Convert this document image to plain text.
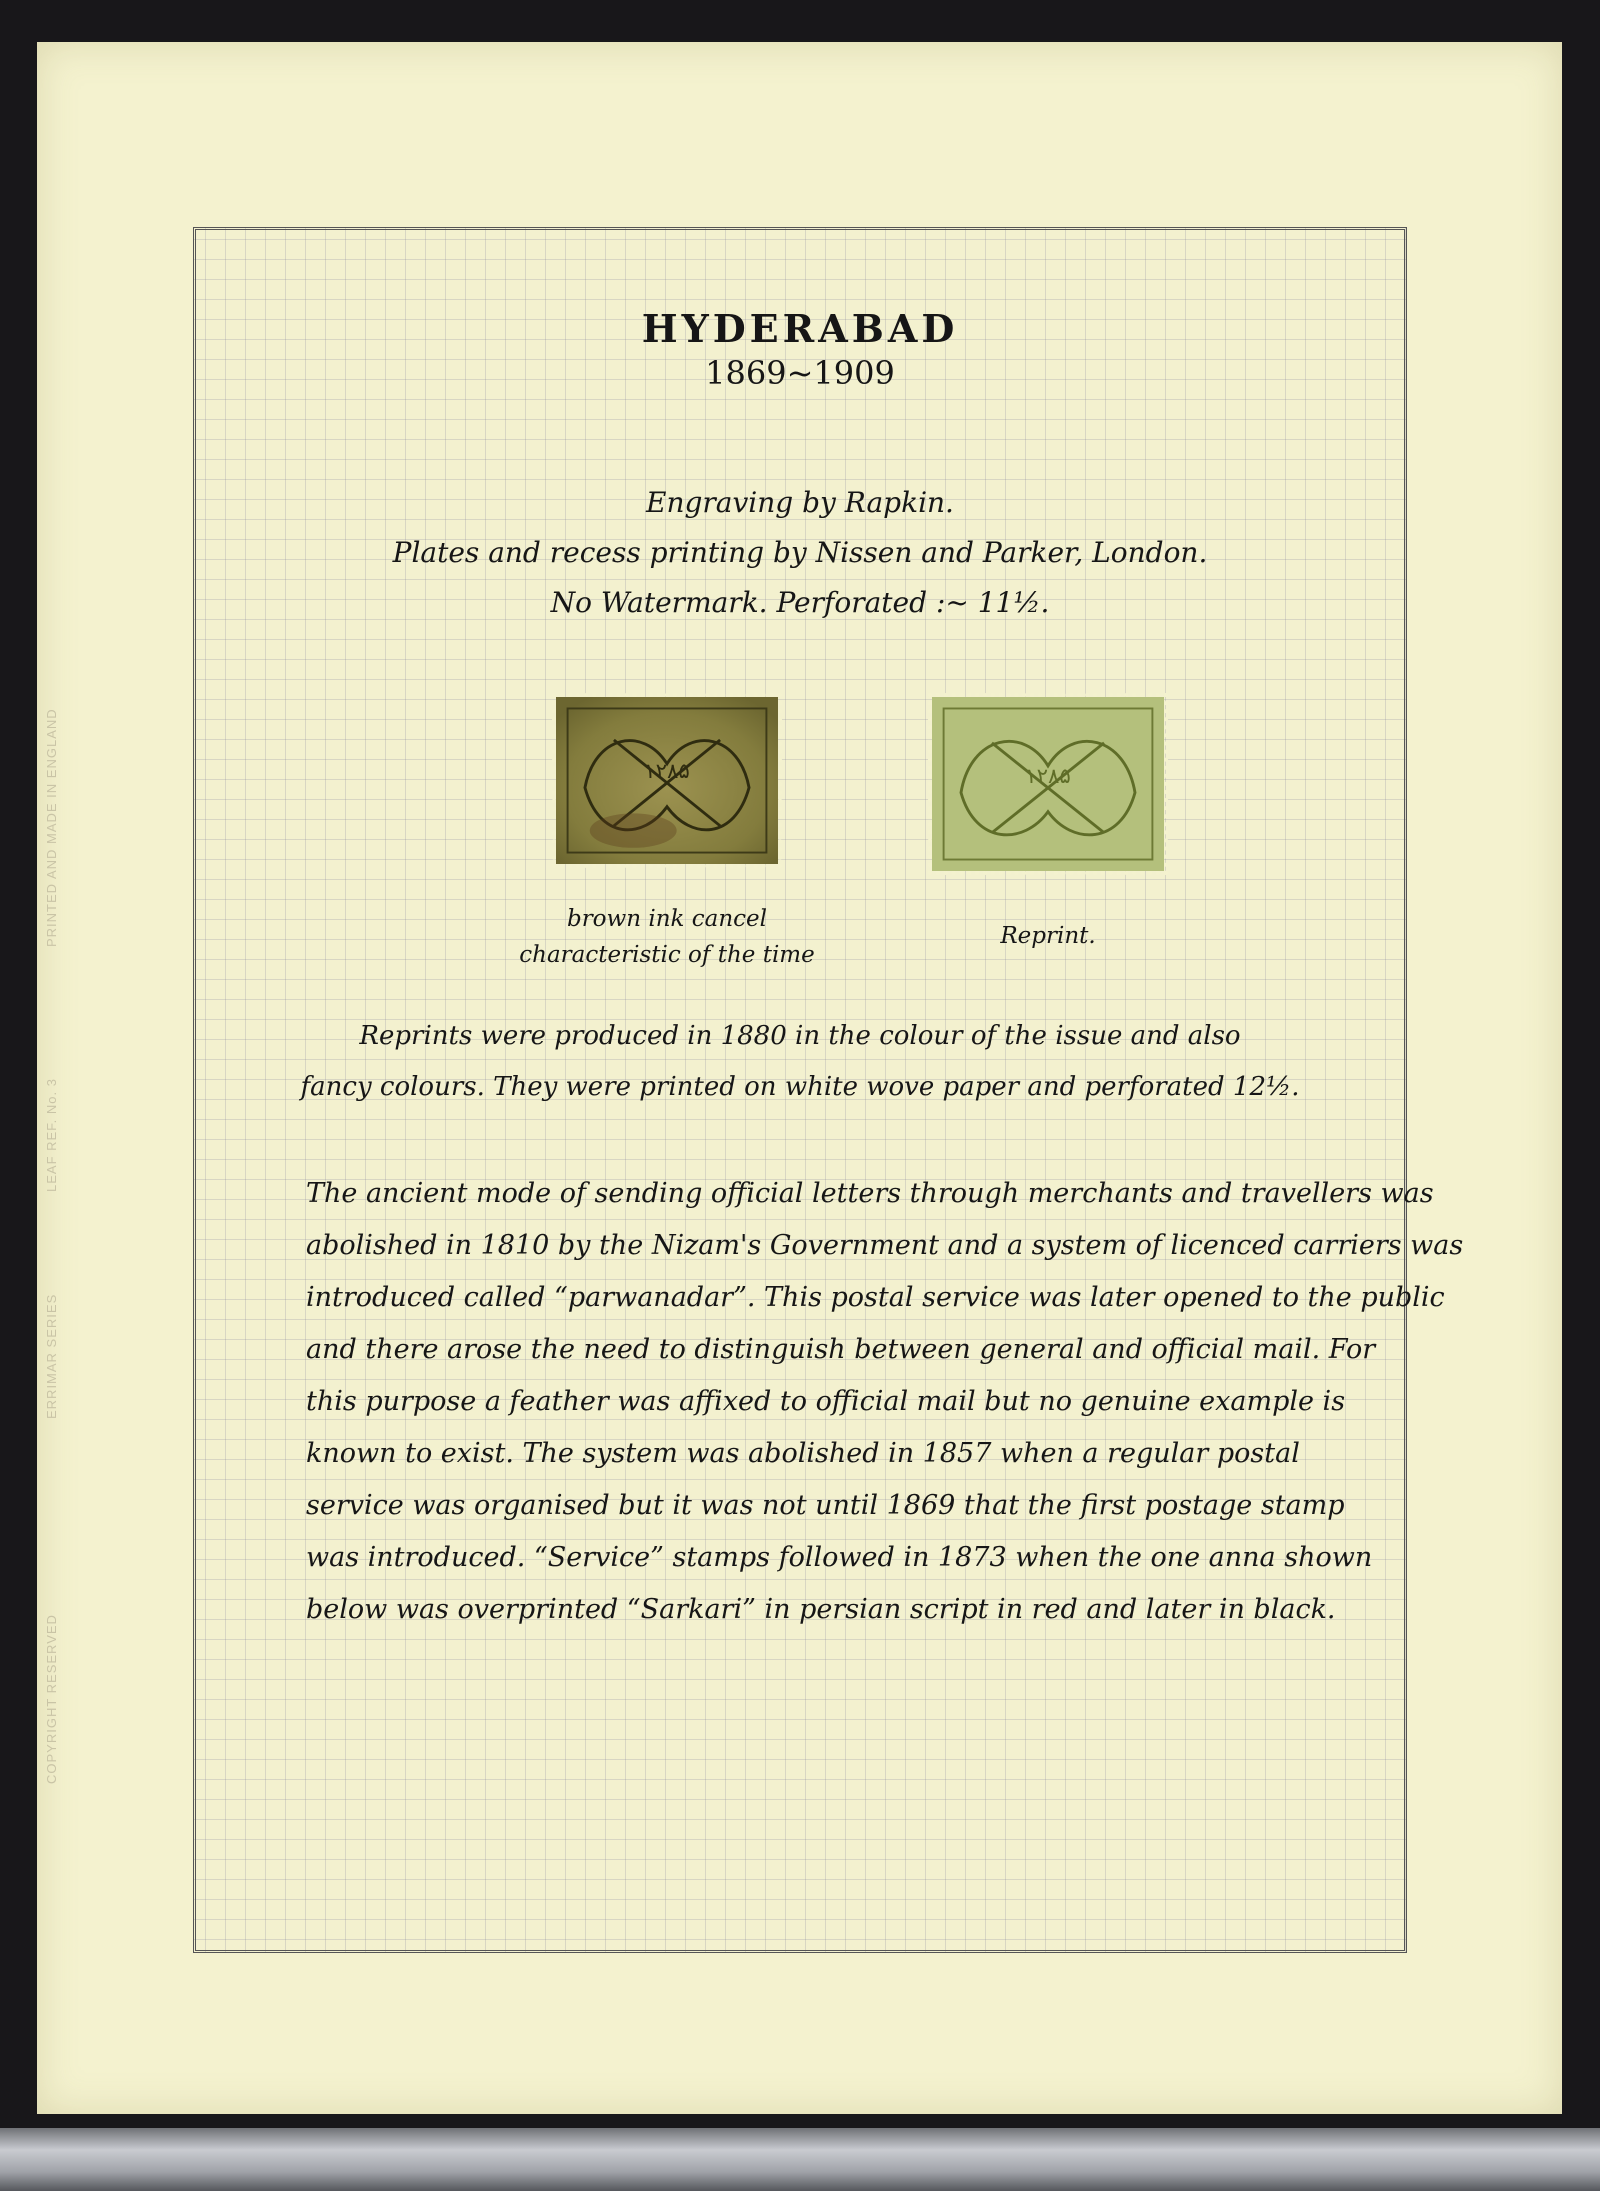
PRINTED AND MADE IN ENGLAND
LEAF REF. No. 3
ERRIMAR SERIES
COPYRIGHT RESERVED
HYDERABAD
1869~1909
Engraving by Rapkin.
Plates and recess printing by Nissen and Parker, London.
No Watermark. Perforated :~ 11½.
۱۲۸۵	۱۲۸۵
brown ink cancel
characteristic of the time
Reprint.
Reprints were produced in 1880 in the colour of the issue and also
fancy colours. They were printed on white wove paper and perforated 12½.
The ancient mode of sending official letters through merchants and travellers was
abolished in 1810 by the Nizam's Government and a system of licenced carriers was
introduced called “parwanadar”. This postal service was later opened to the public
and there arose the need to distinguish between general and official mail. For
this purpose a feather was affixed to official mail but no genuine example is
known to exist. The system was abolished in 1857 when a regular postal
service was organised but it was not until 1869 that the first postage stamp
was introduced. “Service” stamps followed in 1873 when the one anna shown
below was overprinted “Sarkari” in persian script in red and later in black.
